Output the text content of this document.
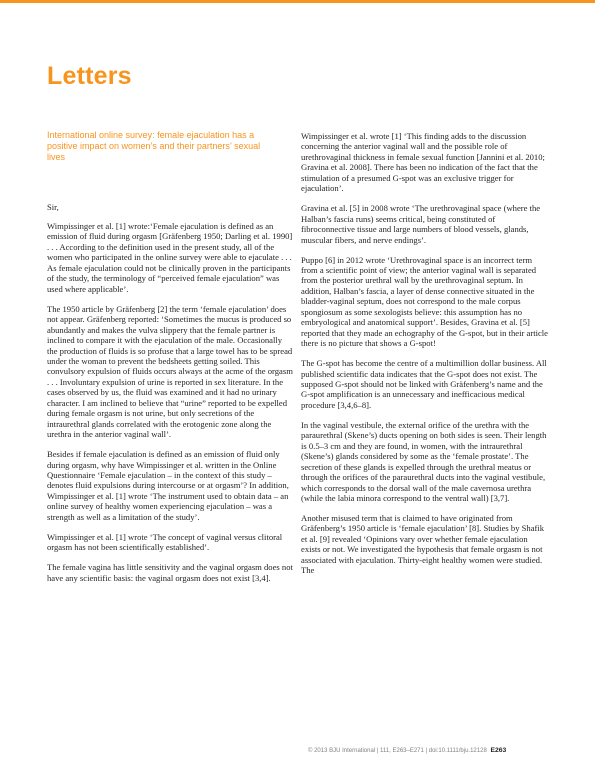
Letters

International online survey: female ejaculation has a positive impact on women’s and their partners’ sexual lives

Sir,

Wimpissinger et al. [1] wrote:‘Female ejaculation is defined as an emission of fluid during orgasm [Gräfenberg 1950; Darling et al. 1990] . . . According to the definition used in the present study, all of the women who participated in the online survey were able to ejaculate . . . As female ejaculation could not be clinically proven in the participants of the study, the terminology of “perceived female ejaculation” was used where applicable’.

The 1950 article by Gräfenberg [2] the term ‘female ejaculation’ does not appear. Gräfenberg reported: ‘Sometimes the mucus is produced so abundantly and makes the vulva slippery that the female partner is inclined to compare it with the ejaculation of the male. Occasionally the production of fluids is so profuse that a large towel has to be spread under the woman to prevent the bedsheets getting soiled. This convulsory expulsion of fluids occurs always at the acme of the orgasm . . . Involuntary expulsion of urine is reported in sex literature. In the cases observed by us, the fluid was examined and it had no urinary character. I am inclined to believe that “urine” reported to be expelled during female orgasm is not urine, but only secretions of the intraurethral glands correlated with the erotogenic zone along the urethra in the anterior vaginal wall’.

Besides if female ejaculation is defined as an emission of fluid only during orgasm, why have Wimpissinger et al. written in the Online Questionnaire ‘Female ejaculation – in the context of this study – denotes fluid expulsions during intercourse or at orgasm’? In addition, Wimpissinger et al. [1] wrote ‘The instrument used to obtain data – an online survey of healthy women experiencing ejaculation – was a strength as well as a limitation of the study’.

Wimpissinger et al. [1] wrote ‘The concept of vaginal versus clitoral orgasm has not been scientifically established’.

The female vagina has little sensitivity and the vaginal orgasm does not have any scientific basis: the vaginal orgasm does not exist [3,4].

Wimpissinger et al. wrote [1] ‘This finding adds to the discussion concerning the anterior vaginal wall and the possible role of urethrovaginal thickness in female sexual function [Jannini et al. 2010; Gravina et al. 2008]. There has been no indication of the fact that the stimulation of a presumed G-spot was an exclusive trigger for ejaculation’.

Gravina et al. [5] in 2008 wrote ‘The urethrovaginal space (where the Halban’s fascia runs) seems critical, being constituted of fibroconnective tissue and large numbers of blood vessels, glands, muscular fibers, and nerve endings’.

Puppo [6] in 2012 wrote ‘Urethrovaginal space is an incorrect term from a scientific point of view; the anterior vaginal wall is separated from the posterior urethral wall by the urethrovaginal septum. In addition, Halban’s fascia, a layer of dense connective situated in the bladder-vaginal septum, does not correspond to the male corpus spongiosum as some sexologists believe: this assumption has no embryological and anatomical support’. Besides, Gravina et al. [5] reported that they made an echography of the G-spot, but in their article there is no picture that shows a G-spot!

The G-spot has become the centre of a multimillion dollar business. All published scientific data indicates that the G-spot does not exist. The supposed G-spot should not be linked with Gräfenberg’s name and the G-spot amplification is an unnecessary and inefficacious medical procedure [3,4,6–8].

In the vaginal vestibule, the external orifice of the urethra with the paraurethral (Skene’s) ducts opening on both sides is seen. Their length is 0.5–3 cm and they are found, in women, with the intraurethral (Skene’s) glands considered by some as the ‘female prostate’. The secretion of these glands is expelled through the urethral meatus or through the orifices of the paraurethral ducts into the vaginal vestibule, which corresponds to the dorsal wall of the male cavernosa urethra (while the labia minora correspond to the ventral wall) [3,7].

Another misused term that is claimed to have originated from Gräfenberg’s 1950 article is ‘female ejaculation’ [8]. Studies by Shafik et al. [9] revealed ‘Opinions vary over whether female ejaculation exists or not. We investigated the hypothesis that female orgasm is not associated with ejaculation. Thirty-eight healthy women were studied. The

© 2013 BJU International | 111, E263–E271 | doi:10.1111/bju.12128 E263
